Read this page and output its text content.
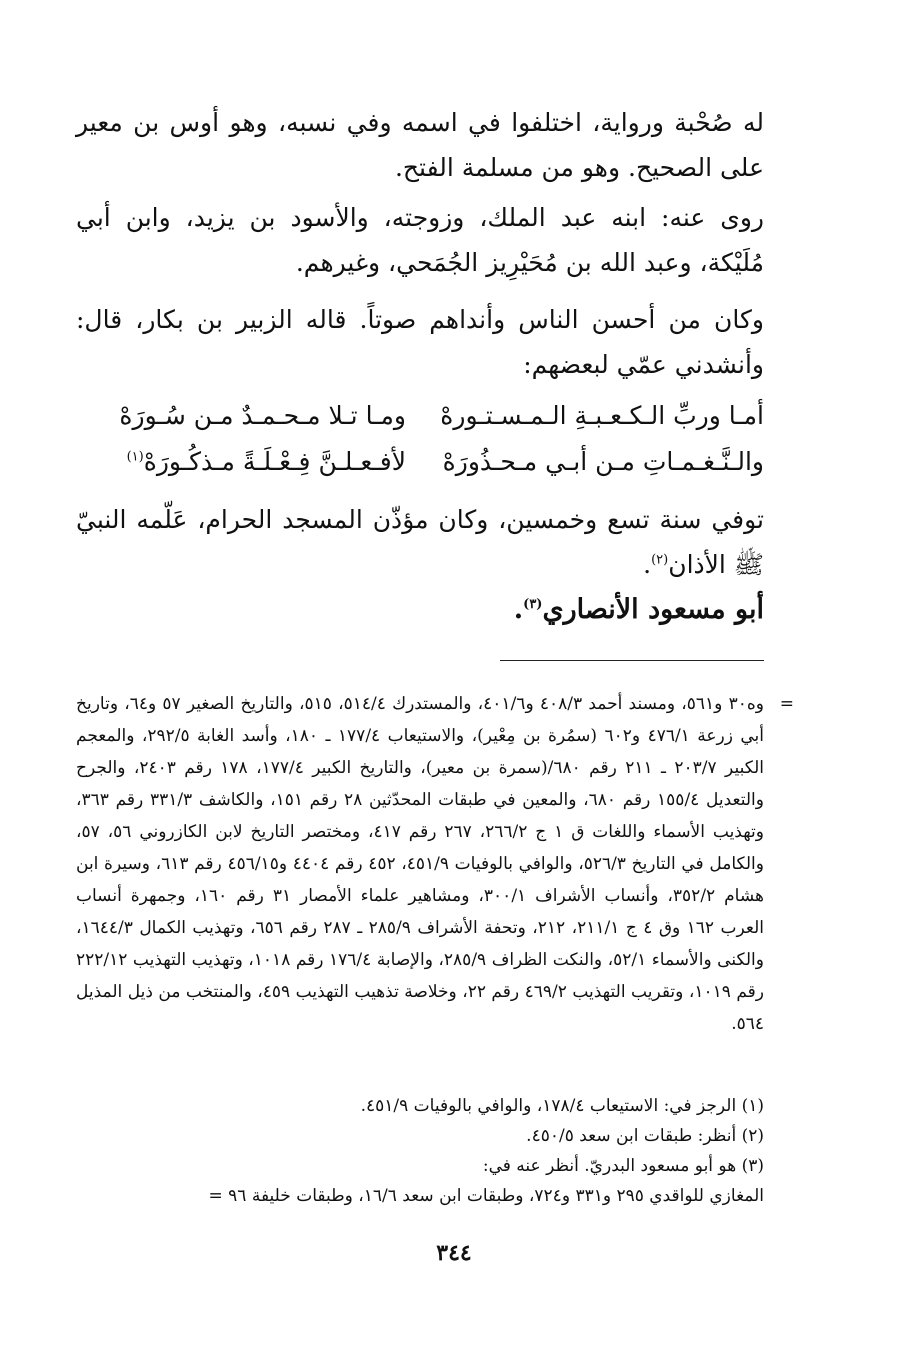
له صُحْبة ورواية، اختلفوا في اسمه وفي نسبه، وهو أوس بن معير على الصحيح. وهو من مسلمة الفتح.

روى عنه: ابنه عبد الملك، وزوجته، والأسود بن يزيد، وابن أبي مُلَيْكة، وعبد الله بن مُحَيْرِيز الجُمَحي، وغيرهم.

وكان من أحسن الناس وأنداهم صوتاً. قاله الزبير بن بكار، قال: وأنشدني عمّي لبعضهم:

أمـا وربِّ الـكـعـبـةِ الـمـسـتـورهْ
ومـا تـلا مـحـمـدٌ مـن سُـورَهْ
والـنَّـغـمـاتِ مـن أبـي مـحـذُورَهْ
لأفـعـلـنَّ فِـعْـلَـةً مـذكُـورَهْ$^{(١)}$

توفي سنة تسع وخمسين، وكان مؤذّن المسجد الحرام، عَلّمه النبيّ ﷺ الأذان$^{(٢)}$.

أبو مسعود الأنصاري$^{(٣)}$.
=
وه٣٠ و٥٦١، ومسند أحمد ٤٠٨/٣ و٤٠١/٦، والمستدرك ٥١٤/٤، ٥١٥، والتاريخ الصغير ٥٧ و٦٤، وتاريخ أبي زرعة ٤٧٦/١ و٦٠٢ (سمُرة بن مِعْير)، والاستيعاب ١٧٧/٤ ـ ١٨٠، وأسد الغابة ٢٩٢/٥، والمعجم الكبير ٢٠٣/٧ ـ ٢١١ رقم ٦٨٠/(سمرة بن معير)، والتاريخ الكبير ١٧٧/٤، ١٧٨ رقم ٢٤٠٣، والجرح والتعديل ١٥٥/٤ رقم ٦٨٠، والمعين في طبقات المحدّثين ٢٨ رقم ١٥١، والكاشف ٣٣١/٣ رقم ٣٦٣، وتهذيب الأسماء واللغات ق ١ ج ٢٦٦/٢، ٢٦٧ رقم ٤١٧، ومختصر التاريخ لابن الكازروني ٥٦، ٥٧، والكامل في التاريخ ٥٢٦/٣، والوافي بالوفيات ٤٥١/٩، ٤٥٢ رقم ٤٤٠٤ و٤٥٦/١٥ رقم ٦١٣، وسيرة ابن هشام ٣٥٢/٢، وأنساب الأشراف ٣٠٠/١، ومشاهير علماء الأمصار ٣١ رقم ١٦٠، وجمهرة أنساب العرب ١٦٢ وق ٤ ج ٢١١/١، ٢١٢، وتحفة الأشراف ٢٨٥/٩ ـ ٢٨٧ رقم ٦٥٦، وتهذيب الكمال ١٦٤٤/٣، والكنى والأسماء ٥٢/١، والنكت الظراف ٢٨٥/٩، والإصابة ١٧٦/٤ رقم ١٠١٨، وتهذيب التهذيب ٢٢٢/١٢ رقم ١٠١٩، وتقريب التهذيب ٤٦٩/٢ رقم ٢٢، وخلاصة تذهيب التهذيب ٤٥٩، والمنتخب من ذيل المذيل ٥٦٤.
(١) الرجز في: الاستيعاب ١٧٨/٤، والوافي بالوفيات ٤٥١/٩.
(٢) أنظر: طبقات ابن سعد ٤٥٠/٥.
(٣) هو أبو مسعود البدريّ. أنظر عنه في:
المغازي للواقدي ٢٩٥ و٣٣١ و٧٢٤، وطبقات ابن سعد ١٦/٦، وطبقات خليفة ٩٦ =
٣٤٤
